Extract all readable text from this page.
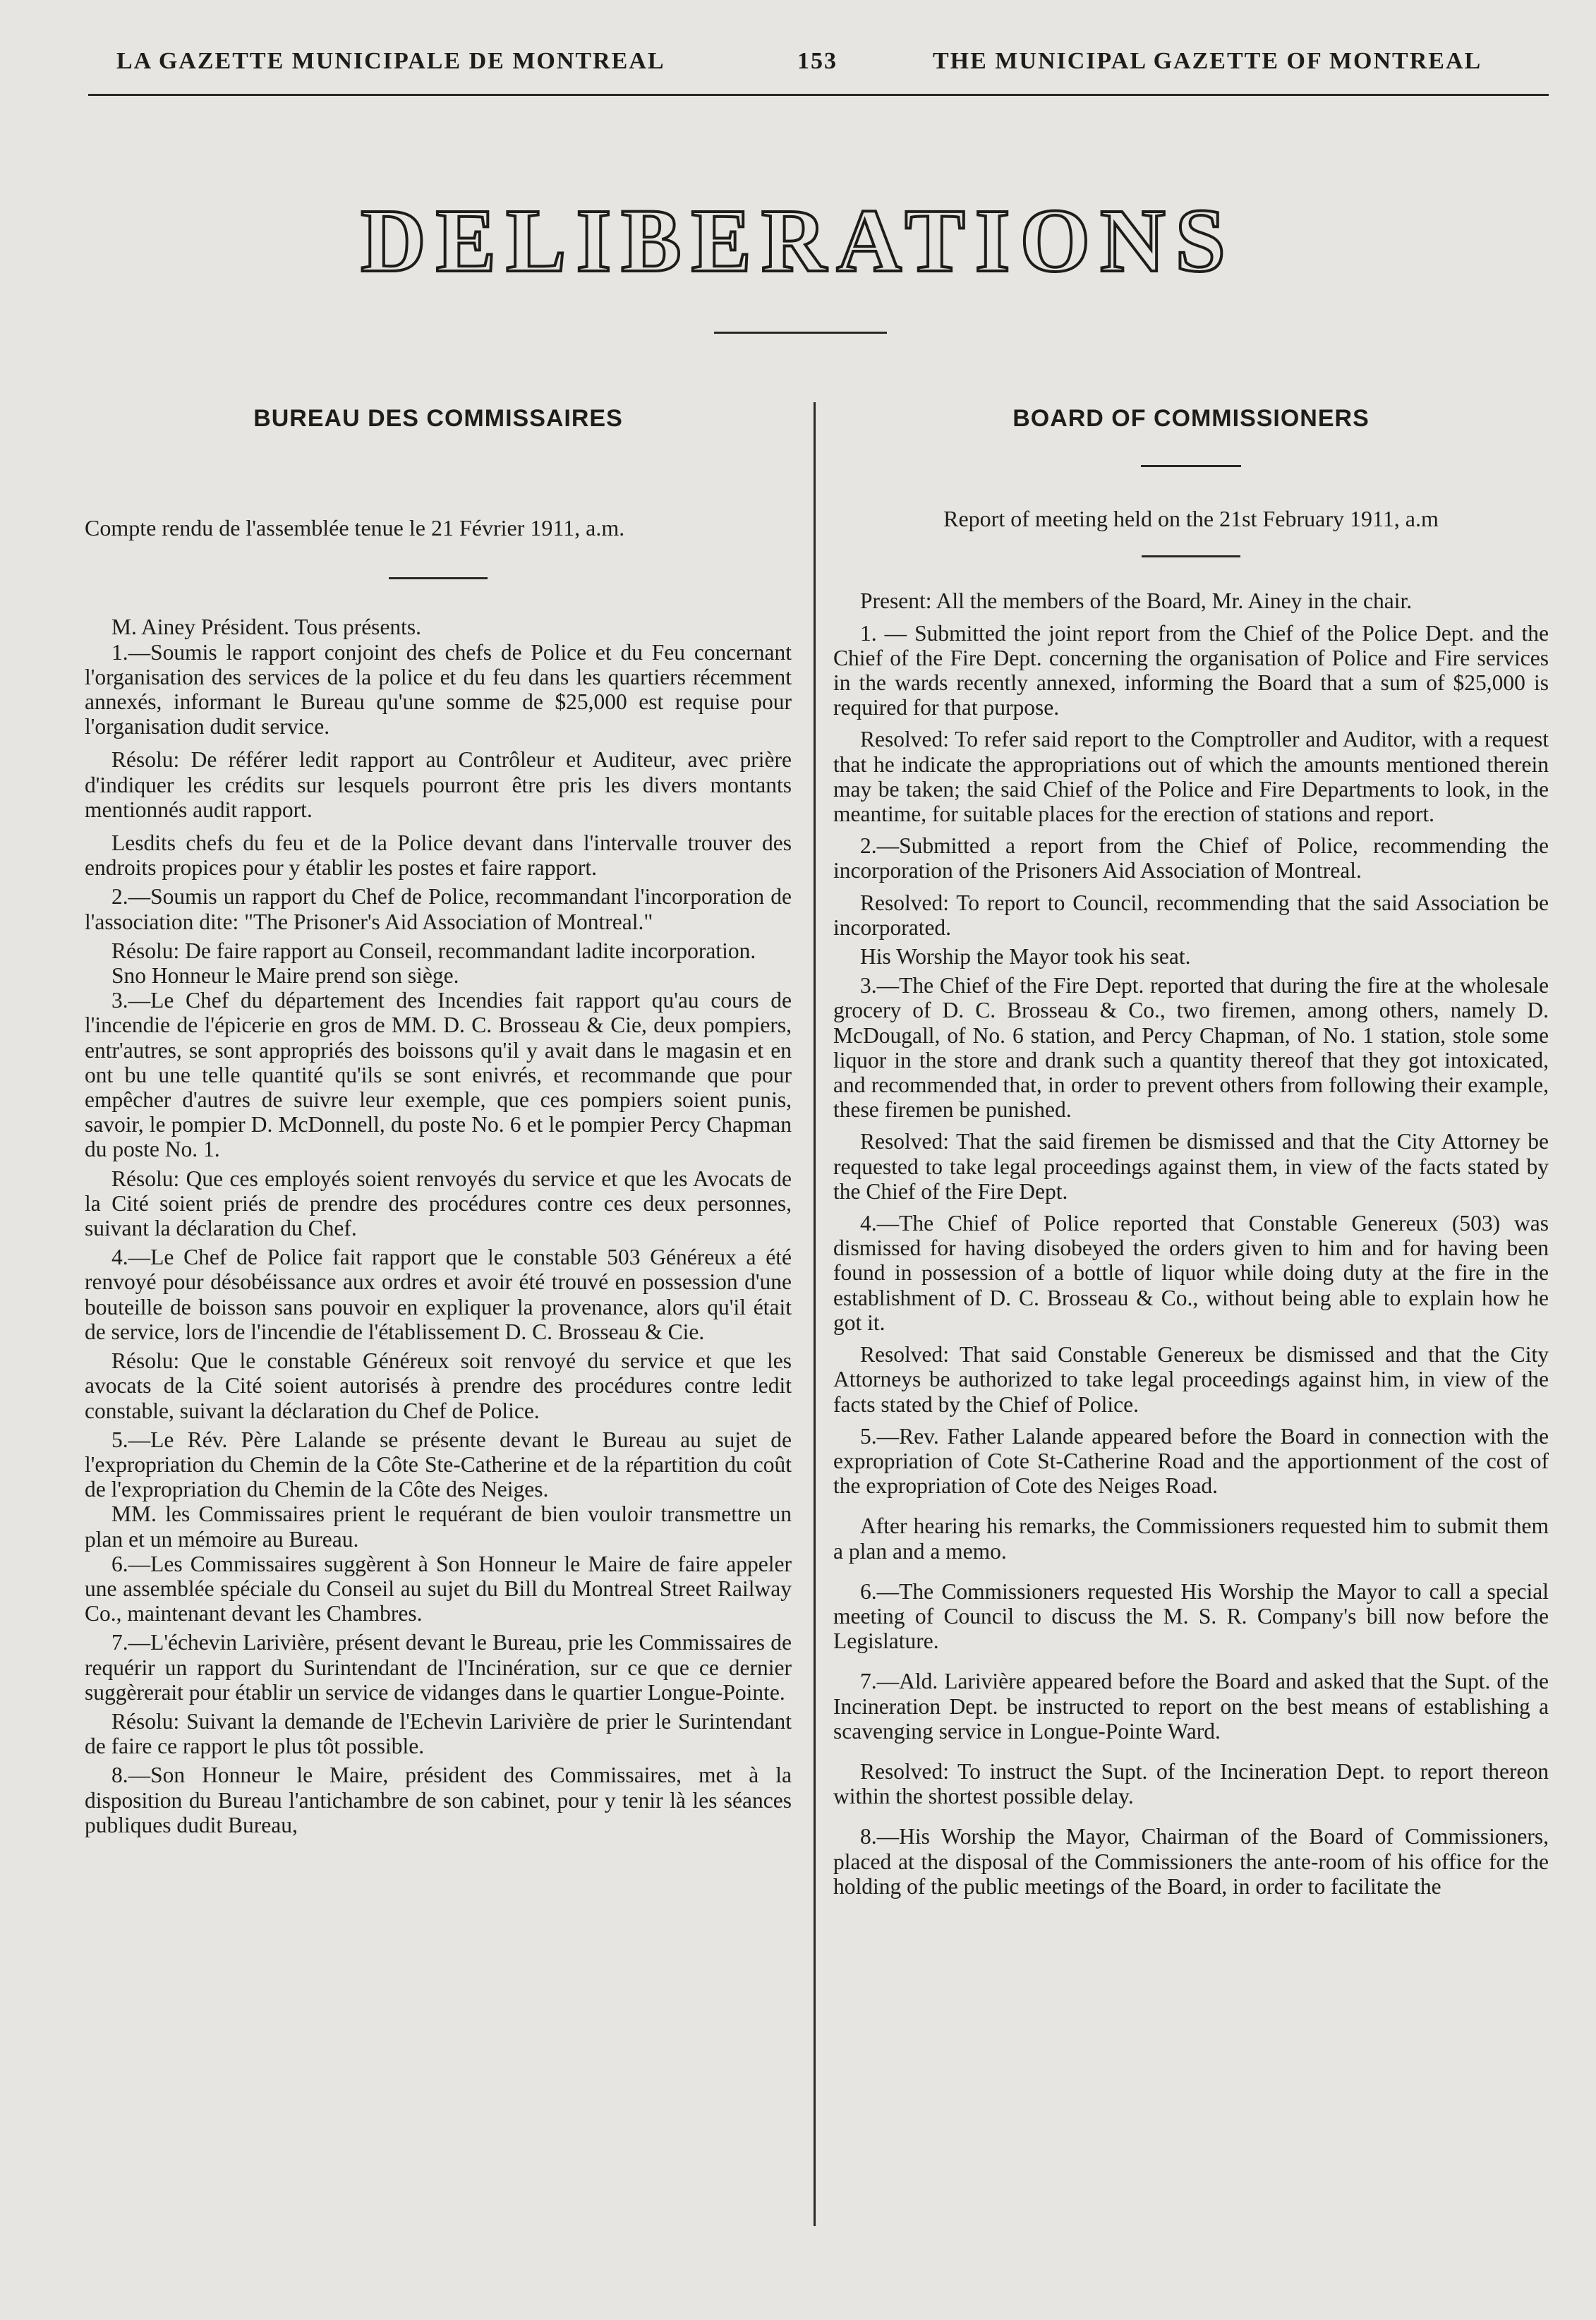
LA GAZETTE MUNICIPALE DE MONTREAL	153	THE MUNICIPAL GAZETTE OF MONTREAL
DELIBERATIONS
BUREAU DES COMMISSAIRES
Compte rendu de l'assemblée tenue le 21 Février 1911, a.m.

M. Ainey Président. Tous présents.

1.—Soumis le rapport conjoint des chefs de Police et du Feu concernant l'organisation des services de la police et du feu dans les quartiers récemment annexés, informant le Bureau qu'une somme de $25,000 est requise pour l'organisation dudit service.

Résolu: De référer ledit rapport au Contrôleur et Auditeur, avec prière d'indiquer les crédits sur lesquels pourront être pris les divers montants mentionnés audit rapport.

Lesdits chefs du feu et de la Police devant dans l'intervalle trouver des endroits propices pour y établir les postes et faire rapport.

2.—Soumis un rapport du Chef de Police, recommandant l'incorporation de l'association dite: "The Prisoner's Aid Association of Montreal."

Résolu: De faire rapport au Conseil, recommandant ladite incorporation.

Sno Honneur le Maire prend son siège.

3.—Le Chef du département des Incendies fait rapport qu'au cours de l'incendie de l'épicerie en gros de MM. D. C. Brosseau & Cie, deux pompiers, entr'autres, se sont appropriés des boissons qu'il y avait dans le magasin et en ont bu une telle quantité qu'ils se sont enivrés, et recommande que pour empêcher d'autres de suivre leur exemple, que ces pompiers soient punis, savoir, le pompier D. McDonnell, du poste No. 6 et le pompier Percy Chapman du poste No. 1.

Résolu: Que ces employés soient renvoyés du service et que les Avocats de la Cité soient priés de prendre des procédures contre ces deux personnes, suivant la déclaration du Chef.

4.—Le Chef de Police fait rapport que le constable 503 Généreux a été renvoyé pour désobéissance aux ordres et avoir été trouvé en possession d'une bouteille de boisson sans pouvoir en expliquer la provenance, alors qu'il était de service, lors de l'incendie de l'établissement D. C. Brosseau & Cie.

Résolu: Que le constable Généreux soit renvoyé du service et que les avocats de la Cité soient autorisés à prendre des procédures contre ledit constable, suivant la déclaration du Chef de Police.

5.—Le Rév. Père Lalande se présente devant le Bureau au sujet de l'expropriation du Chemin de la Côte Ste-Catherine et de la répartition du coût de l'expropriation du Chemin de la Côte des Neiges.

MM. les Commissaires prient le requérant de bien vouloir transmettre un plan et un mémoire au Bureau.

6.—Les Commissaires suggèrent à Son Honneur le Maire de faire appeler une assemblée spéciale du Conseil au sujet du Bill du Montreal Street Railway Co., maintenant devant les Chambres.

7.—L'échevin Larivière, présent devant le Bureau, prie les Commissaires de requérir un rapport du Surintendant de l'Incinération, sur ce que ce dernier suggèrerait pour établir un service de vidanges dans le quartier Longue-Pointe.

Résolu: Suivant la demande de l'Echevin Larivière de prier le Surintendant de faire ce rapport le plus tôt possible.

8.—Son Honneur le Maire, président des Commissaires, met à la disposition du Bureau l'antichambre de son cabinet, pour y tenir là les séances publiques dudit Bureau,

BOARD OF COMMISSIONERS
Report of meeting held on the 21st February 1911, a.m

Present: All the members of the Board, Mr. Ainey in the chair.

1. — Submitted the joint report from the Chief of the Police Dept. and the Chief of the Fire Dept. concerning the organisation of Police and Fire services in the wards recently annexed, informing the Board that a sum of $25,000 is required for that purpose.

Resolved: To refer said report to the Comptroller and Auditor, with a request that he indicate the appropriations out of which the amounts mentioned therein may be taken; the said Chief of the Police and Fire Departments to look, in the meantime, for suitable places for the erection of stations and report.

2.—Submitted a report from the Chief of Police, recommending the incorporation of the Prisoners Aid Association of Montreal.

Resolved: To report to Council, recommending that the said Association be incorporated.

His Worship the Mayor took his seat.

3.—The Chief of the Fire Dept. reported that during the fire at the wholesale grocery of D. C. Brosseau & Co., two firemen, among others, namely D. McDougall, of No. 6 station, and Percy Chapman, of No. 1 station, stole some liquor in the store and drank such a quantity thereof that they got intoxicated, and recommended that, in order to prevent others from following their example, these firemen be punished.

Resolved: That the said firemen be dismissed and that the City Attorney be requested to take legal proceedings against them, in view of the facts stated by the Chief of the Fire Dept.

4.—The Chief of Police reported that Constable Genereux (503) was dismissed for having disobeyed the orders given to him and for having been found in possession of a bottle of liquor while doing duty at the fire in the establishment of D. C. Brosseau & Co., without being able to explain how he got it.

Resolved: That said Constable Genereux be dismissed and that the City Attorneys be authorized to take legal proceedings against him, in view of the facts stated by the Chief of Police.

5.—Rev. Father Lalande appeared before the Board in connection with the expropriation of Cote St-Catherine Road and the apportionment of the cost of the expropriation of Cote des Neiges Road.

After hearing his remarks, the Commissioners requested him to submit them a plan and a memo.

6.—The Commissioners requested His Worship the Mayor to call a special meeting of Council to discuss the M. S. R. Company's bill now before the Legislature.

7.—Ald. Larivière appeared before the Board and asked that the Supt. of the Incineration Dept. be instructed to report on the best means of establishing a scavenging service in Longue-Pointe Ward.

Resolved: To instruct the Supt. of the Incineration Dept. to report thereon within the shortest possible delay.

8.—His Worship the Mayor, Chairman of the Board of Commissioners, placed at the disposal of the Commissioners the ante-room of his office for the holding of the public meetings of the Board, in order to facilitate the
